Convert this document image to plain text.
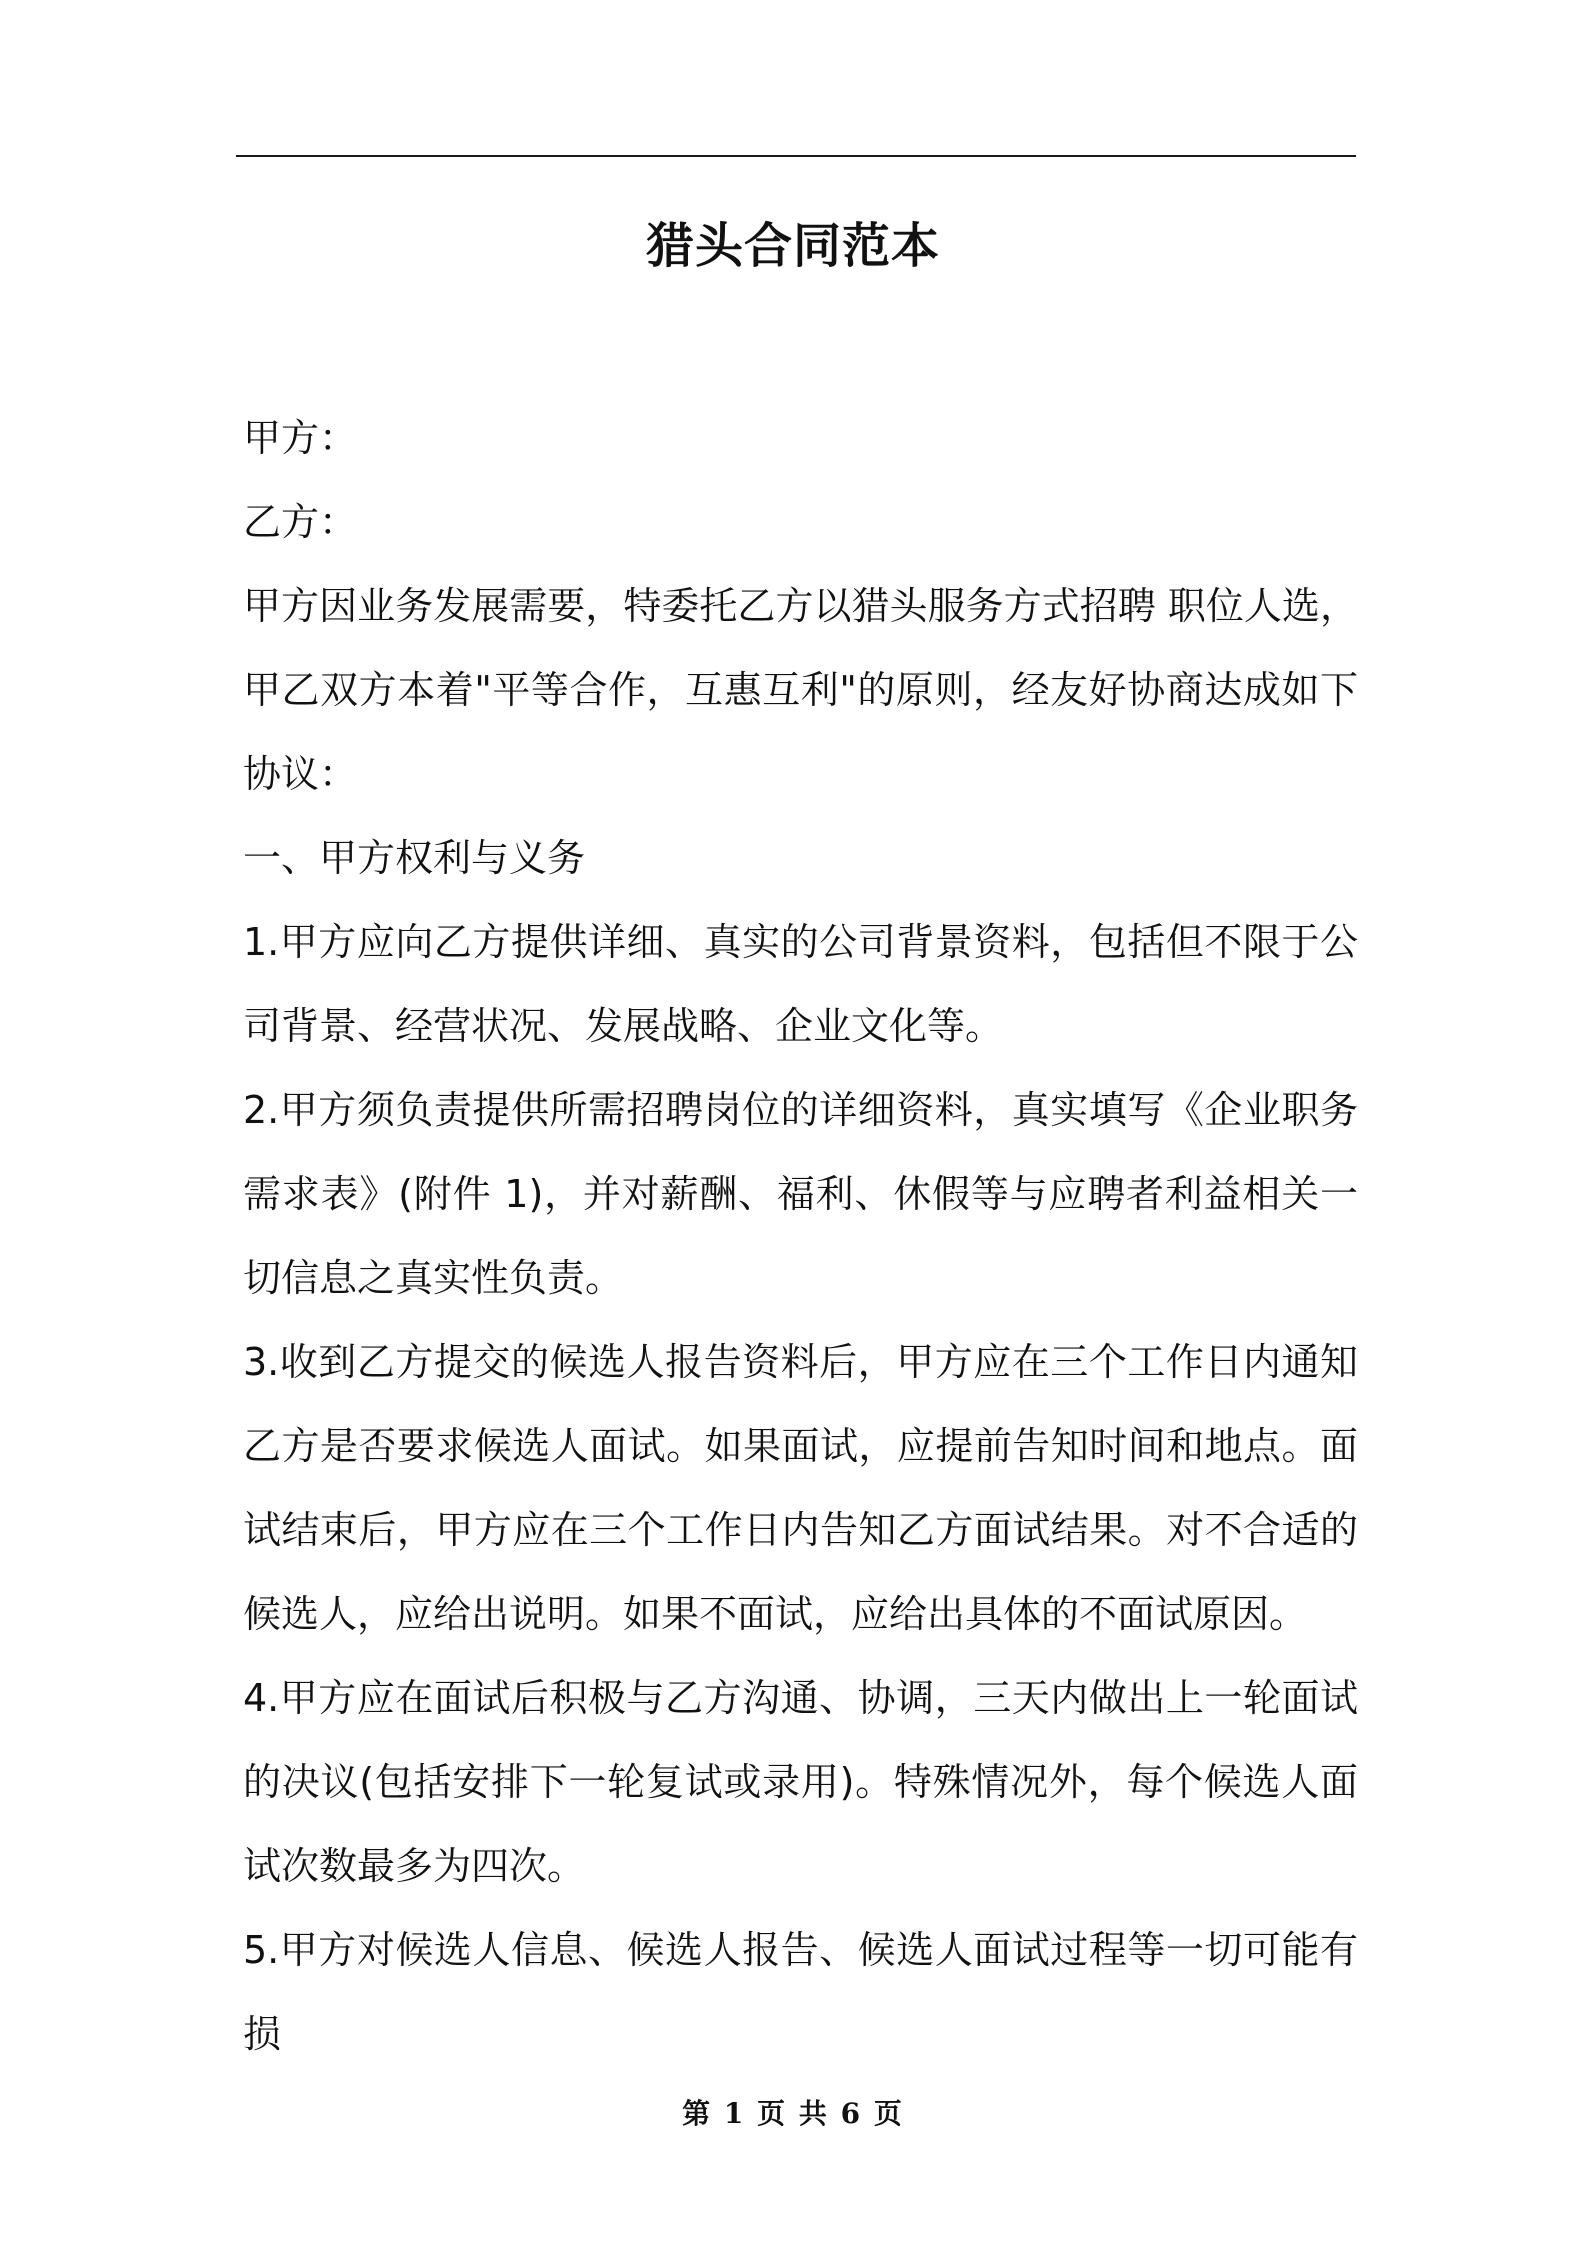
猎头合同范本

甲方：

乙方：

甲方因业务发展需要，特委托乙方以猎头服务方式招聘 职位人选，甲乙双方本着"平等合作，互惠互利"的原则，经友好协商达成如下协议：

一、甲方权利与义务

1.甲方应向乙方提供详细、真实的公司背景资料，包括但不限于公司背景、经营状况、发展战略、企业文化等。

2.甲方须负责提供所需招聘岗位的详细资料，真实填写《企业职务需求表》(附件 1)，并对薪酬、福利、休假等与应聘者利益相关一切信息之真实性负责。

3.收到乙方提交的候选人报告资料后，甲方应在三个工作日内通知乙方是否要求候选人面试。如果面试，应提前告知时间和地点。面试结束后，甲方应在三个工作日内告知乙方面试结果。对不合适的候选人，应给出说明。如果不面试，应给出具体的不面试原因。

4.甲方应在面试后积极与乙方沟通、协调，三天内做出上一轮面试的决议(包括安排下一轮复试或录用)。特殊情况外，每个候选人面试次数最多为四次。

5.甲方对候选人信息、候选人报告、候选人面试过程等一切可能有损

第 1 页 共 6 页
